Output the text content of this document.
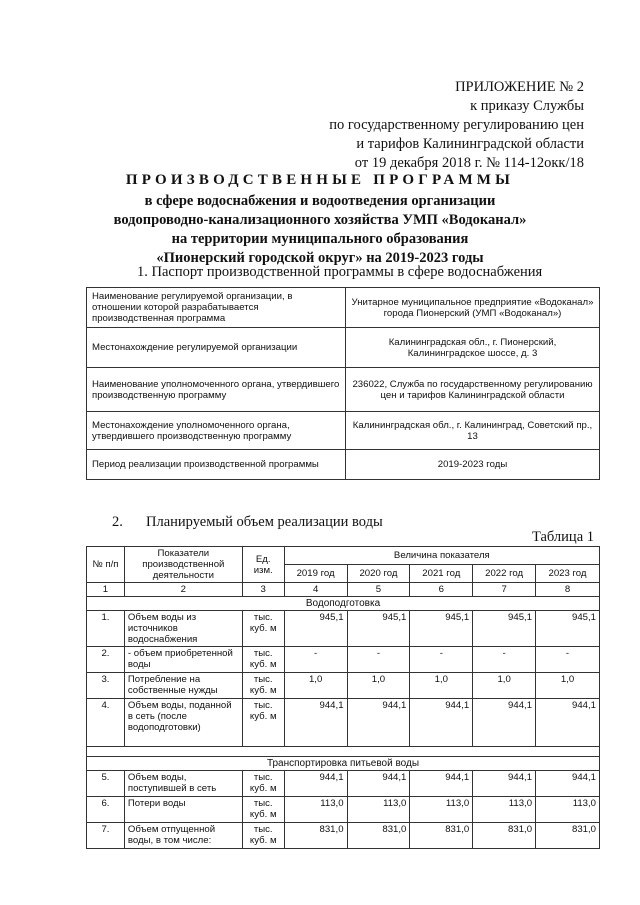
ПРИЛОЖЕНИЕ № 2
к приказу Службы
по государственному регулированию цен
и тарифов Калининградской области
от 19 декабря 2018 г. № 114-12окк/18
ПРОИЗВОДСТВЕННЫЕ ПРОГРАММЫ
в сфере водоснабжения и водоотведения организации
водопроводно-канализационного хозяйства УМП «Водоканал»
на территории муниципального образования
«Пионерский городской округ» на 2019-2023 годы
1. Паспорт производственной программы в сфере водоснабжения
Наименование регулируемой организации, в отношении которой разрабатывается производственная программа	Унитарное муниципальное предприятие «Водоканал» города Пионерский (УМП «Водоканал»)
Местонахождение регулируемой организации	Калининградская обл., г. Пионерский, Калининградское шоссе, д. 3
Наименование уполномоченного органа, утвердившего производственную программу	236022, Служба по государственному регулированию цен и тарифов Калининградской области
Местонахождение уполномоченного органа, утвердившего производственную программу	Калининградская обл., г. Калининград, Советский пр., 13
Период реализации производственной программы	2019-2023 годы
2. Планируемый объем реализации воды
Таблица 1
№ п/п	Показатели производственной деятельности	Ед. изм.	Величина показателя				
			2019 год	2020 год	2021 год	2022 год	2023 год
1	2	3	4	5	6	7	8
Водоподготовка							
1.	Объем воды из источников водоснабжения	тыс. куб. м	945,1	945,1	945,1	945,1	945,1
2.	- объем приобретенной воды	тыс. куб. м	-	-	-	-	-
3.	Потребление на собственные нужды	тыс. куб. м	1,0	1,0	1,0	1,0	1,0
4.	Объем воды, поданной в сеть (после водоподготовки)	тыс. куб. м	944,1	944,1	944,1	944,1	944,1

Транспортировка питьевой воды							
5.	Объем воды, поступившей в сеть	тыс. куб. м	944,1	944,1	944,1	944,1	944,1
6.	Потери воды	тыс. куб. м	113,0	113,0	113,0	113,0	113,0
7.	Объем отпущенной воды, в том числе:	тыс. куб. м	831,0	831,0	831,0	831,0	831,0
